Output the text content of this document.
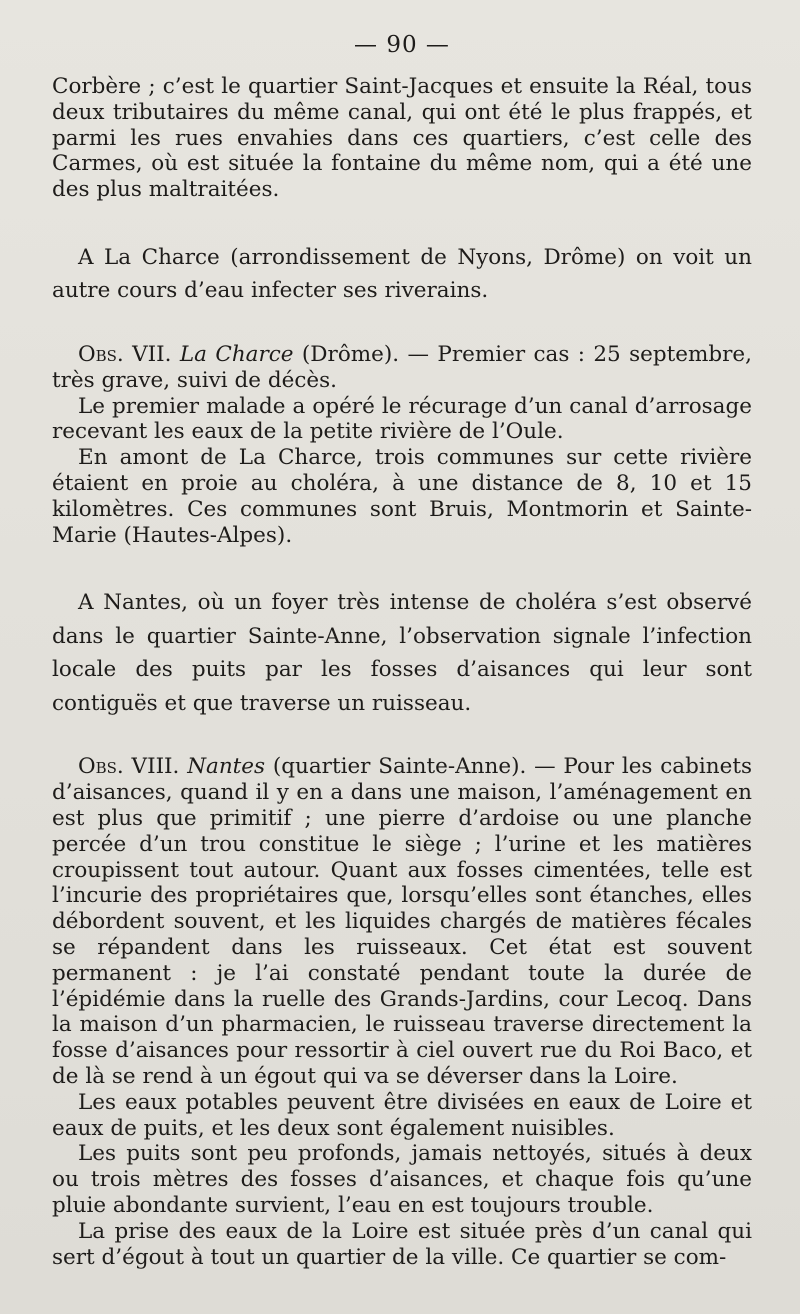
— 90 —

Corbère ; c’est le quartier Saint-Jacques et ensuite la Réal, tous deux tributaires du même canal, qui ont été le plus frappés, et parmi les rues envahies dans ces quartiers, c’est celle des Carmes, où est située la fontaine du même nom, qui a été une des plus maltraitées.

A La Charce (arrondissement de Nyons, Drôme) on voit un autre cours d’eau infecter ses riverains.

Obs. VII. La Charce (Drôme). — Premier cas : 25 septembre, très grave, suivi de décès.

Le premier malade a opéré le récurage d’un canal d’arrosage recevant les eaux de la petite rivière de l’Oule.

En amont de La Charce, trois communes sur cette rivière étaient en proie au choléra, à une distance de 8, 10 et 15 kilomètres. Ces communes sont Bruis, Montmorin et Sainte-Marie (Hautes-Alpes).

A Nantes, où un foyer très intense de choléra s’est observé dans le quartier Sainte-Anne, l’observation signale l’infection locale des puits par les fosses d’aisances qui leur sont contiguës et que traverse un ruisseau.

Obs. VIII. Nantes (quartier Sainte-Anne). — Pour les cabinets d’aisances, quand il y en a dans une maison, l’aménagement en est plus que primitif ; une pierre d’ardoise ou une planche percée d’un trou constitue le siège ; l’urine et les matières croupissent tout autour. Quant aux fosses cimentées, telle est l’incurie des propriétaires que, lorsqu’elles sont étanches, elles débordent souvent, et les liquides chargés de matières fécales se répandent dans les ruisseaux. Cet état est souvent permanent : je l’ai constaté pendant toute la durée de l’épidémie dans la ruelle des Grands-Jardins, cour Lecoq. Dans la maison d’un pharmacien, le ruisseau traverse directement la fosse d’aisances pour ressortir à ciel ouvert rue du Roi Baco, et de là se rend à un égout qui va se déverser dans la Loire.

Les eaux potables peuvent être divisées en eaux de Loire et eaux de puits, et les deux sont également nuisibles.

Les puits sont peu profonds, jamais nettoyés, situés à deux ou trois mètres des fosses d’aisances, et chaque fois qu’une pluie abondante survient, l’eau en est toujours trouble.

La prise des eaux de la Loire est située près d’un canal qui sert d’égout à tout un quartier de la ville. Ce quartier se com-
